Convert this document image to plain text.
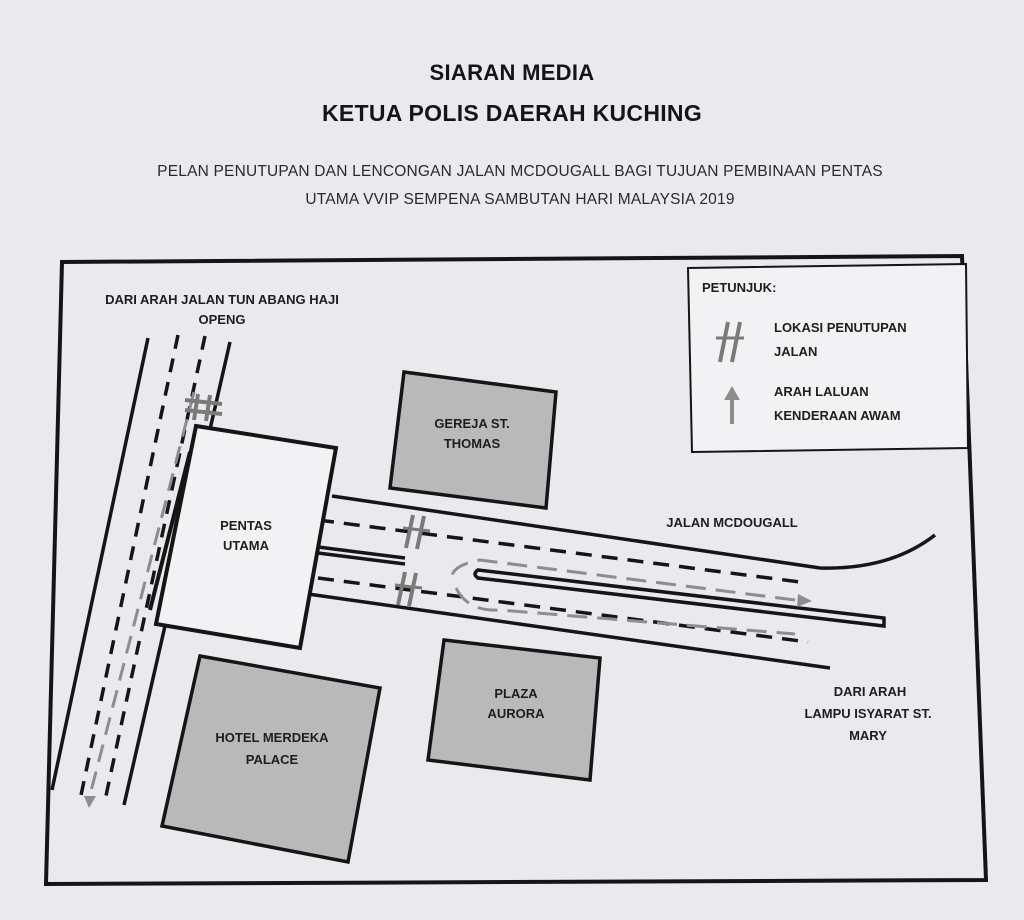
SIARAN MEDIA
KETUA POLIS DAERAH KUCHING
PELAN PENUTUPAN DAN LENCONGAN JALAN MCDOUGALL BAGI TUJUAN PEMBINAAN PENTAS
UTAMA VVIP SEMPENA SAMBUTAN HARI MALAYSIA 2019
PENTAS
UTAMA
GEREJA ST.
THOMAS
PLAZA
AURORA
HOTEL MERDEKA
PALACE
DARI ARAH JALAN TUN ABANG HAJI
OPENG
JALAN MCDOUGALL
DARI ARAH
LAMPU ISYARAT ST.
MARY
PETUNJUK:
LOKASI PENUTUPAN
JALAN
ARAH LALUAN
KENDERAAN AWAM
